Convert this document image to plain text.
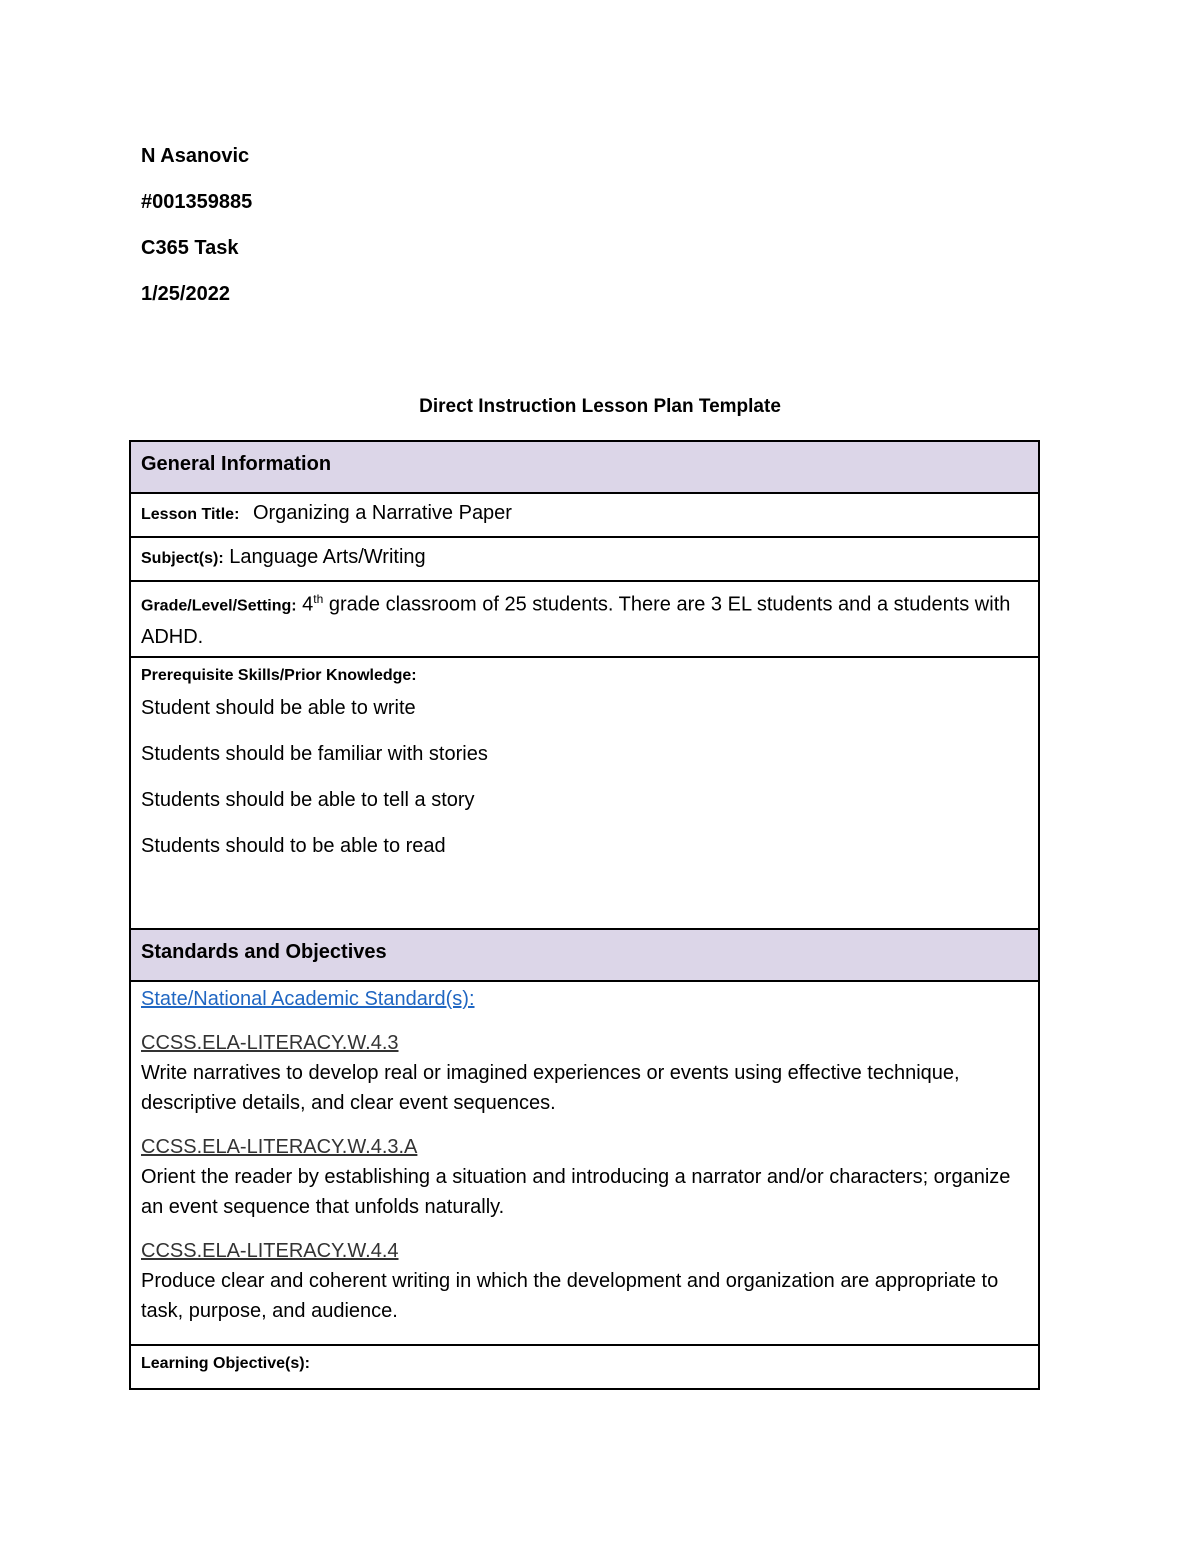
N Asanovic
#001359885
C365 Task
1/25/2022
Direct Instruction Lesson Plan Template
General Information
Lesson Title: Organizing a Narrative Paper
Subject(s): Language Arts/Writing
Grade/Level/Setting: 4th grade classroom of 25 students. There are 3 EL students and a students with ADHD.

Prerequisite Skills/Prior Knowledge:
Student should be able to write
Students should be familiar with stories
Students should be able to tell a story
Students should to be able to read

Standards and Objectives

State/National Academic Standard(s):
CCSS.ELA-LITERACY.W.4.3
Write narratives to develop real or imagined experiences or events using effective technique, descriptive details, and clear event sequences.
CCSS.ELA-LITERACY.W.4.3.A
Orient the reader by establishing a situation and introducing a narrator and/or characters; organize an event sequence that unfolds naturally.
CCSS.ELA-LITERACY.W.4.4
Produce clear and coherent writing in which the development and organization are appropriate to task, purpose, and audience.

Learning Objective(s):
